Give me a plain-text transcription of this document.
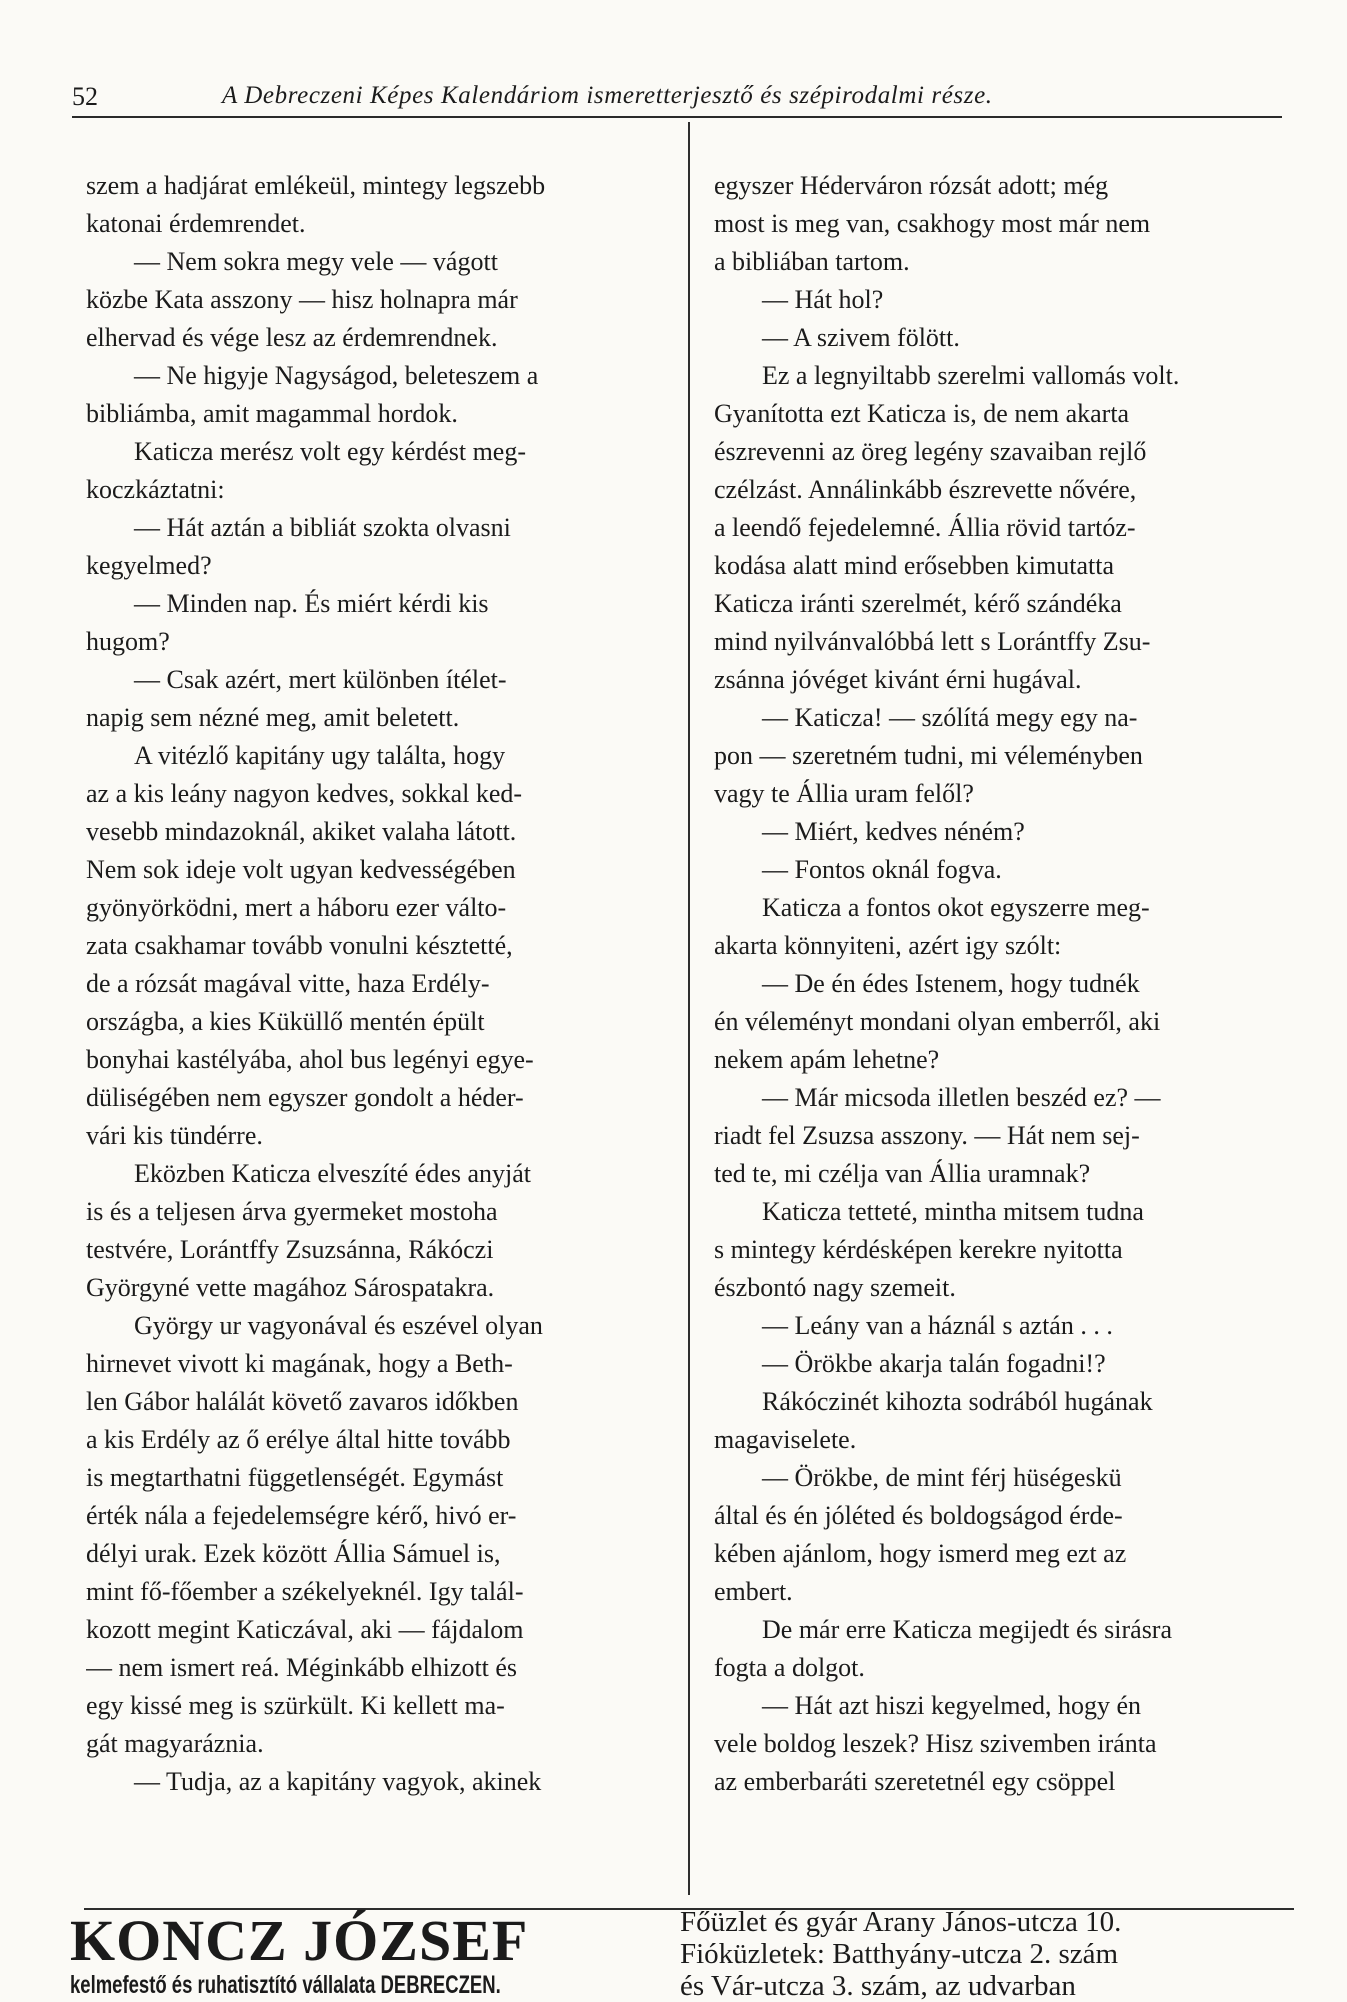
52	A Debreczeni Képes Kalendáriom ismeretterjesztő és szépirodalmi része.
szem a hadjárat emlékeül, mintegy legszebb
katonai érdemrendet.
— Nem sokra megy vele — vágott
közbe Kata asszony — hisz holnapra már
elhervad és vége lesz az érdemrendnek.
— Ne higyje Nagyságod, beleteszem a
bibliámba, amit magammal hordok.
Katicza merész volt egy kérdést meg-
koczkáztatni:
— Hát aztán a bibliát szokta olvasni
kegyelmed?
— Minden nap. És miért kérdi kis
hugom?
— Csak azért, mert különben ítélet-
napig sem nézné meg, amit beletett.
A vitézlő kapitány ugy találta, hogy
az a kis leány nagyon kedves, sokkal ked-
vesebb mindazoknál, akiket valaha látott.
Nem sok ideje volt ugyan kedvességében
gyönyörködni, mert a háboru ezer válto-
zata csakhamar tovább vonulni késztetté,
de a rózsát magával vitte, haza Erdély-
országba, a kies Küküllő mentén épült
bonyhai kastélyába, ahol bus legényi egye-
düliségében nem egyszer gondolt a héder-
vári kis tündérre.
Eközben Katicza elveszíté édes anyját
is és a teljesen árva gyermeket mostoha
testvére, Lorántffy Zsuzsánna, Rákóczi
Györgyné vette magához Sárospatakra.
György ur vagyonával és eszével olyan
hirnevet vivott ki magának, hogy a Beth-
len Gábor halálát követő zavaros időkben
a kis Erdély az ő erélye által hitte tovább
is megtarthatni függetlenségét. Egymást
érték nála a fejedelemségre kérő, hivó er-
délyi urak. Ezek között Állia Sámuel is,
mint fő-főember a székelyeknél. Igy talál-
kozott megint Katiczával, aki — fájdalom
— nem ismert reá. Méginkább elhizott és
egy kissé meg is szürkült. Ki kellett ma-
gát magyaráznia.
— Tudja, az a kapitány vagyok, akinek
egyszer Héderváron rózsát adott; még
most is meg van, csakhogy most már nem
a bibliában tartom.
— Hát hol?
— A szivem fölött.
Ez a legnyiltabb szerelmi vallomás volt.
Gyanította ezt Katicza is, de nem akarta
észrevenni az öreg legény szavaiban rejlő
czélzást. Annálinkább észrevette nővére,
a leendő fejedelemné. Állia rövid tartóz-
kodása alatt mind erősebben kimutatta
Katicza iránti szerelmét, kérő szándéka
mind nyilvánvalóbbá lett s Lorántffy Zsu-
zsánna jóvéget kivánt érni hugával.
— Katicza! — szólítá megy egy na-
pon — szeretném tudni, mi véleményben
vagy te Állia uram felől?
— Miért, kedves néném?
— Fontos oknál fogva.
Katicza a fontos okot egyszerre meg-
akarta könnyiteni, azért igy szólt:
— De én édes Istenem, hogy tudnék
én véleményt mondani olyan emberről, aki
nekem apám lehetne?
— Már micsoda illetlen beszéd ez? —
riadt fel Zsuzsa asszony. — Hát nem sej-
ted te, mi czélja van Állia uramnak?
Katicza tetteté, mintha mitsem tudna
s mintegy kérdésképen kerekre nyitotta
észbontó nagy szemeit.
— Leány van a háznál s aztán . . .
— Örökbe akarja talán fogadni!?
Rákóczinét kihozta sodrából hugának
magaviselete.
— Örökbe, de mint férj hüségeskü
által és én jóléted és boldogságod érde-
kében ajánlom, hogy ismerd meg ezt az
embert.
De már erre Katicza megijedt és sirásra
fogta a dolgot.
— Hát azt hiszi kegyelmed, hogy én
vele boldog leszek? Hisz szivemben iránta
az emberbaráti szeretetnél egy csöppel
KONCZ JÓZSEF
kelmefestő és ruhatisztító vállalata DEBRECZEN.
Főüzlet és gyár Arany János-utcza 10.
Fióküzletek: Batthyány-utcza 2. szám
és Vár-utcza 3. szám, az udvarban
